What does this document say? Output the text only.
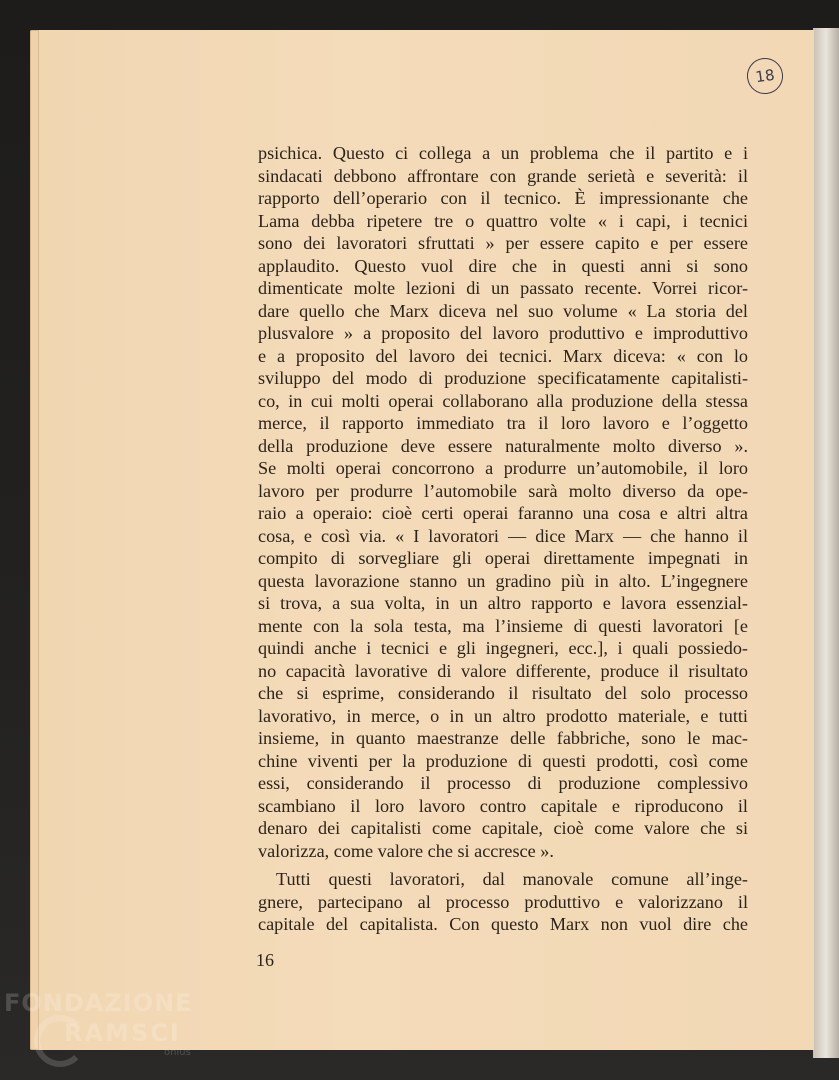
18
psichica. Questo ci collega a un problema che il partito e i
sindacati debbono affrontare con grande serietà e severità: il
rapporto dell’operario con il tecnico. È impressionante che
Lama debba ripetere tre o quattro volte « i capi, i tecnici
sono dei lavoratori sfruttati » per essere capito e per essere
applaudito. Questo vuol dire che in questi anni si sono
dimenticate molte lezioni di un passato recente. Vorrei ricor-
dare quello che Marx diceva nel suo volume « La storia del
plusvalore » a proposito del lavoro produttivo e improduttivo
e a proposito del lavoro dei tecnici. Marx diceva: « con lo
sviluppo del modo di produzione specificatamente capitalisti-
co, in cui molti operai collaborano alla produzione della stessa
merce, il rapporto immediato tra il loro lavoro e l’oggetto
della produzione deve essere naturalmente molto diverso ».
Se molti operai concorrono a produrre un’automobile, il loro
lavoro per produrre l’automobile sarà molto diverso da ope-
raio a operaio: cioè certi operai faranno una cosa e altri altra
cosa, e così via. « I lavoratori — dice Marx — che hanno il
compito di sorvegliare gli operai direttamente impegnati in
questa lavorazione stanno un gradino più in alto. L’ingegnere
si trova, a sua volta, in un altro rapporto e lavora essenzial-
mente con la sola testa, ma l’insieme di questi lavoratori [e
quindi anche i tecnici e gli ingegneri, ecc.], i quali possiedo-
no capacità lavorative di valore differente, produce il risultato
che si esprime, considerando il risultato del solo processo
lavorativo, in merce, o in un altro prodotto materiale, e tutti
insieme, in quanto maestranze delle fabbriche, sono le mac-
chine viventi per la produzione di questi prodotti, così come
essi, considerando il processo di produzione complessivo
scambiano il loro lavoro contro capitale e riproducono il
denaro dei capitalisti come capitale, cioè come valore che si
valorizza, come valore che si accresce ».
Tutti questi lavoratori, dal manovale comune all’inge-
gnere, partecipano al processo produttivo e valorizzano il
capitale del capitalista. Con questo Marx non vuol dire che
16
FONDAZIONE
RAMSCI
onlus
